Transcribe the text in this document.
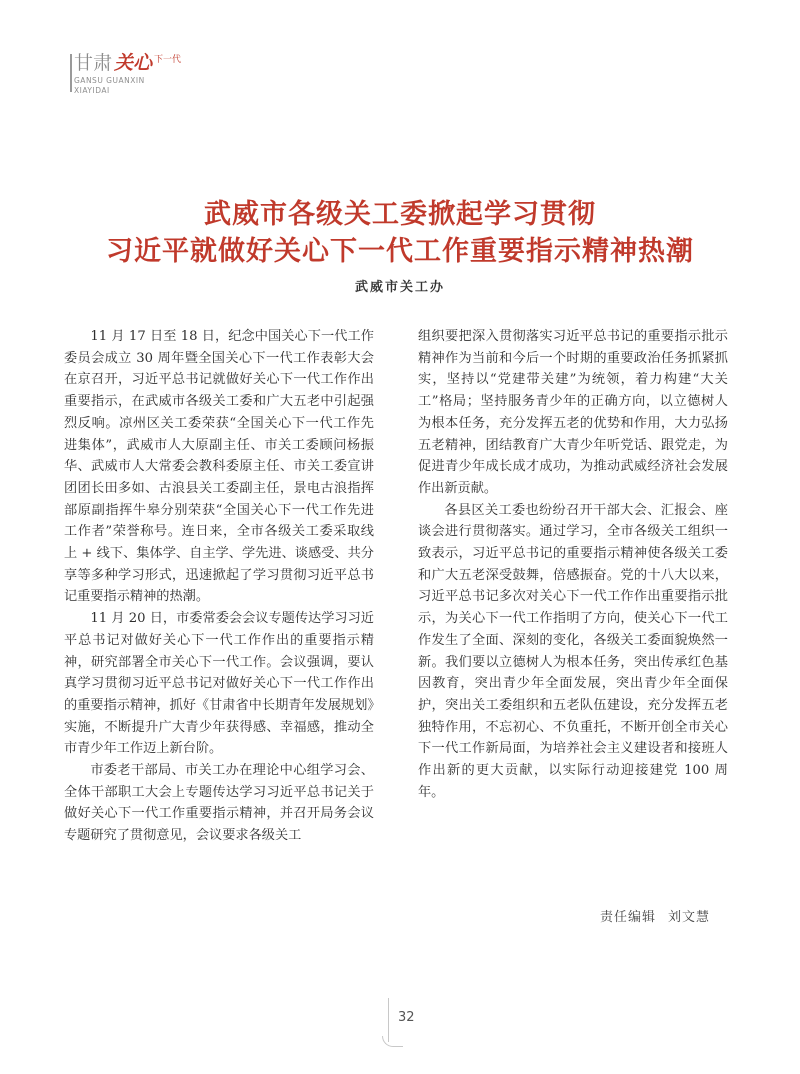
甘肃 关心 下一代
GANSU GUANXIN
XIAYIDAI
武威市各级关工委掀起学习贯彻
习近平就做好关心下一代工作重要指示精神热潮
武威市关工办

11 月 17 日至 18 日，纪念中国关心下一代工作委员会成立 30 周年暨全国关心下一代工作表彰大会在京召开，习近平总书记就做好关心下一代工作作出重要指示，在武威市各级关工委和广大五老中引起强烈反响。凉州区关工委荣获“全国关心下一代工作先进集体”，武威市人大原副主任、市关工委顾问杨振华、武威市人大常委会教科委原主任、市关工委宣讲团团长田多如、古浪县关工委副主任，景电古浪指挥部原副指挥牛皋分别荣获“全国关心下一代工作先进工作者”荣誉称号。连日来，全市各级关工委采取线上 + 线下、集体学、自主学、学先进、谈感受、共分享等多种学习形式，迅速掀起了学习贯彻习近平总书记重要指示精神的热潮。

11 月 20 日，市委常委会会议专题传达学习习近平总书记对做好关心下一代工作作出的重要指示精神，研究部署全市关心下一代工作。会议强调，要认真学习贯彻习近平总书记对做好关心下一代工作作出的重要指示精神，抓好《甘肃省中长期青年发展规划》实施，不断提升广大青少年获得感、幸福感，推动全市青少年工作迈上新台阶。

市委老干部局、市关工办在理论中心组学习会、全体干部职工大会上专题传达学习习近平总书记关于做好关心下一代工作重要指示精神，并召开局务会议专题研究了贯彻意见，会议要求各级关工

组织要把深入贯彻落实习近平总书记的重要指示批示精神作为当前和今后一个时期的重要政治任务抓紧抓实，坚持以“党建带关建”为统领，着力构建“大关工”格局；坚持服务青少年的正确方向，以立德树人为根本任务，充分发挥五老的优势和作用，大力弘扬五老精神，团结教育广大青少年听党话、跟党走，为促进青少年成长成才成功，为推动武威经济社会发展作出新贡献。

各县区关工委也纷纷召开干部大会、汇报会、座谈会进行贯彻落实。通过学习，全市各级关工组织一致表示，习近平总书记的重要指示精神使各级关工委和广大五老深受鼓舞，倍感振奋。党的十八大以来，习近平总书记多次对关心下一代工作作出重要指示批示，为关心下一代工作指明了方向，使关心下一代工作发生了全面、深刻的变化，各级关工委面貌焕然一新。我们要以立德树人为根本任务，突出传承红色基因教育，突出青少年全面发展，突出青少年全面保护，突出关工委组织和五老队伍建设，充分发挥五老独特作用，不忘初心、不负重托，不断开创全市关心下一代工作新局面，为培养社会主义建设者和接班人作出新的更大贡献，以实际行动迎接建党 100 周年。

责任编辑 刘文慧
32
